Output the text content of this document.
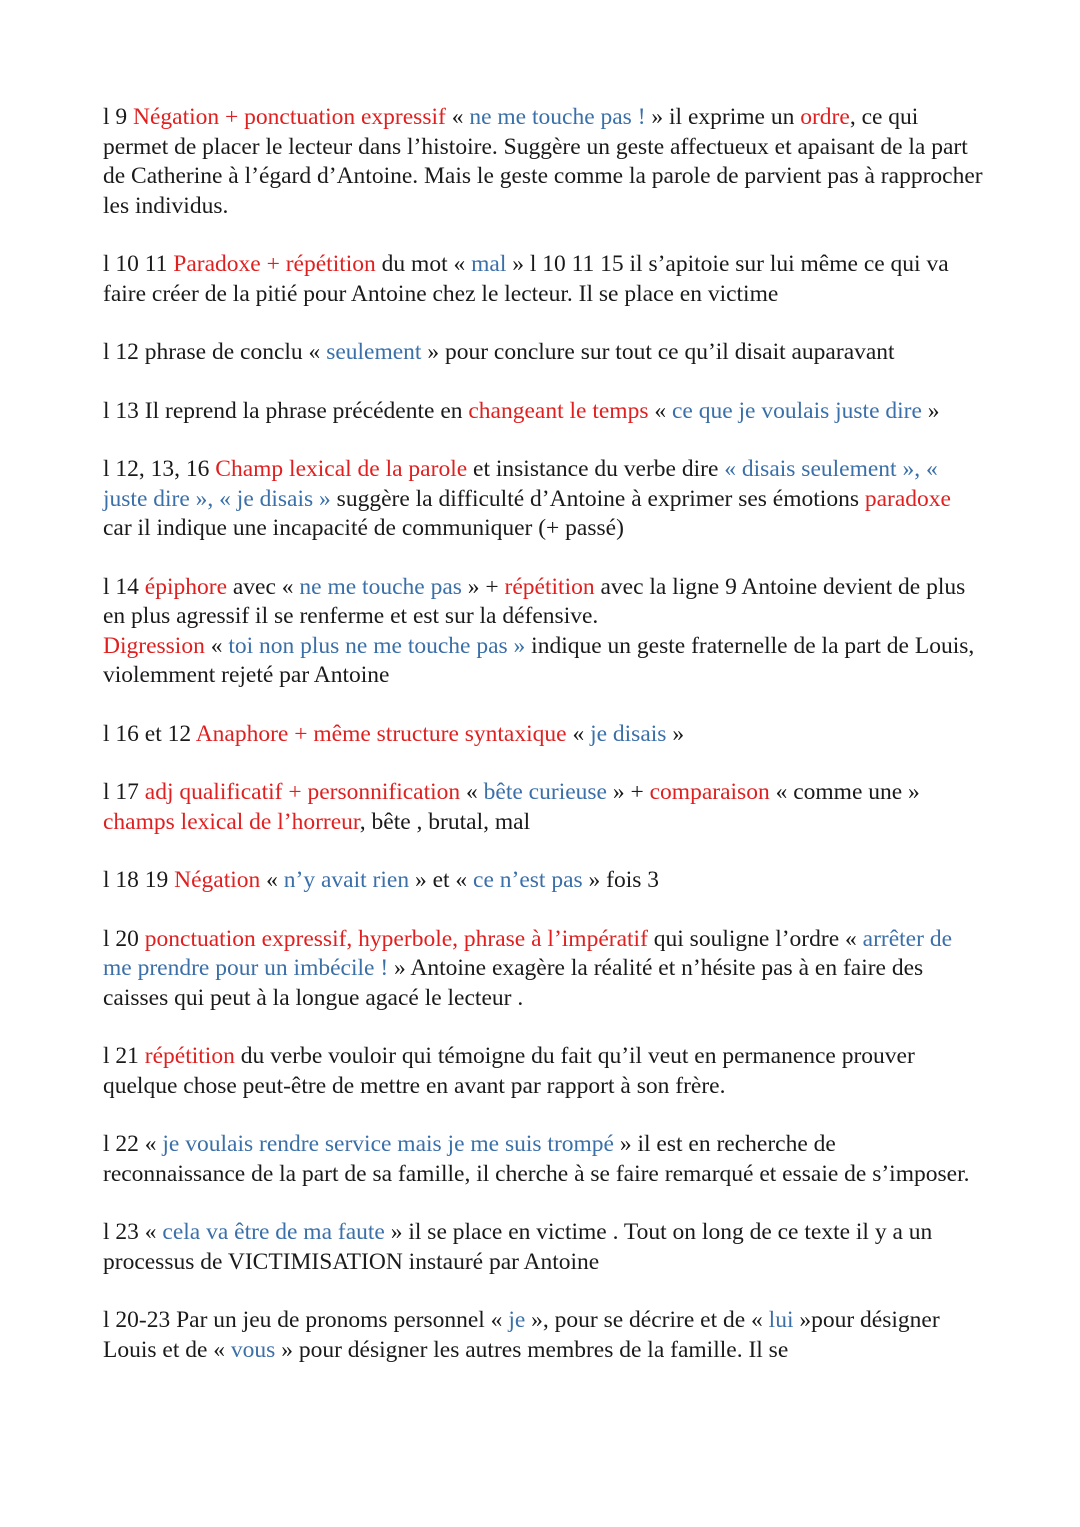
l 9 Négation + ponctuation expressif « ne me touche pas ! » il exprime un ordre, ce qui permet de placer le lecteur dans l’histoire. Suggère un geste affectueux et apaisant de la part de Catherine à l’égard d’Antoine. Mais le geste comme la parole de parvient pas à rapprocher les individus.

l 10 11 Paradoxe + répétition du mot « mal » l 10 11 15 il s’apitoie sur lui même ce qui va faire créer de la pitié pour Antoine chez le lecteur. Il se place en victime

l 12 phrase de conclu « seulement » pour conclure sur tout ce qu’il disait auparavant

l 13 Il reprend la phrase précédente en changeant le temps « ce que je voulais juste dire »

l 12, 13, 16 Champ lexical de la parole et insistance du verbe dire « disais seulement », « juste dire », « je disais » suggère la difficulté d’Antoine à exprimer ses émotions paradoxe car il indique une incapacité de communiquer (+ passé)

l 14 épiphore avec « ne me touche pas » + répétition avec la ligne 9 Antoine devient de plus en plus agressif il se renferme et est sur la défensive.

Digression « toi non plus ne me touche pas » indique un geste fraternelle de la part de Louis, violemment rejeté par Antoine

l 16 et 12 Anaphore + même structure syntaxique « je disais »

l 17 adj qualificatif + personnification « bête curieuse » + comparaison « comme une » champs lexical de l’horreur, bête , brutal, mal

l 18 19 Négation « n’y avait rien » et « ce n’est pas » fois 3

l 20 ponctuation expressif, hyperbole, phrase à l’impératif qui souligne l’ordre « arrêter de me prendre pour un imbécile ! » Antoine exagère la réalité et n’hésite pas à en faire des caisses qui peut à la longue agacé le lecteur .

l 21 répétition du verbe vouloir qui témoigne du fait qu’il veut en permanence prouver quelque chose peut-être de mettre en avant par rapport à son frère.

l 22 « je voulais rendre service mais je me suis trompé » il est en recherche de reconnaissance de la part de sa famille, il cherche à se faire remarqué et essaie de s’imposer.

l 23 « cela va être de ma faute » il se place en victime . Tout on long de ce texte il y a un processus de VICTIMISATION instauré par Antoine

l 20-23 Par un jeu de pronoms personnel « je », pour se décrire et de « lui »pour désigner Louis et de « vous » pour désigner les autres membres de la famille. Il se
